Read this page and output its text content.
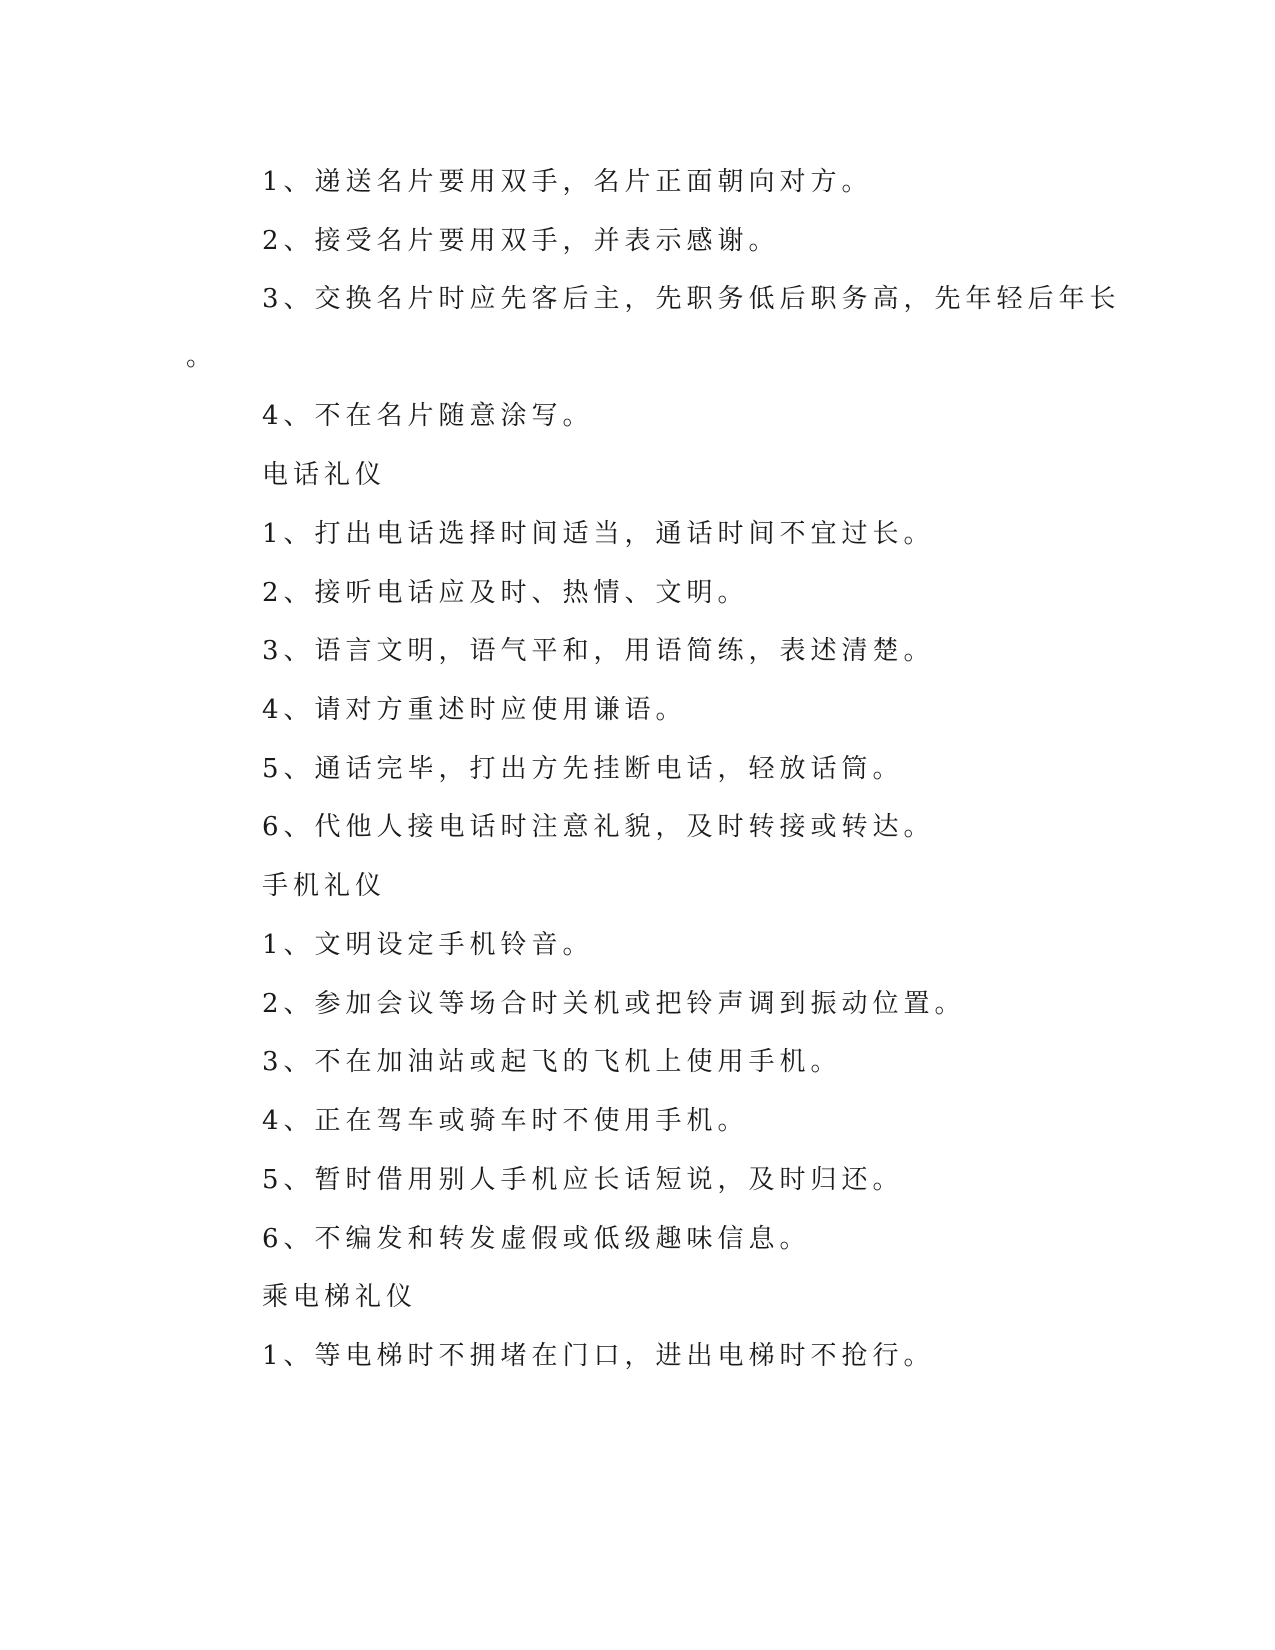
1、递送名片要用双手，名片正面朝向对方。
2、接受名片要用双手，并表示感谢。
3、交换名片时应先客后主，先职务低后职务高，先年轻后年长
。
4、不在名片随意涂写。
电话礼仪
1、打出电话选择时间适当，通话时间不宜过长。
2、接听电话应及时、热情、文明。
3、语言文明，语气平和，用语简练，表述清楚。
4、请对方重述时应使用谦语。
5、通话完毕，打出方先挂断电话，轻放话筒。
6、代他人接电话时注意礼貌，及时转接或转达。
手机礼仪
1、文明设定手机铃音。
2、参加会议等场合时关机或把铃声调到振动位置。
3、不在加油站或起飞的飞机上使用手机。
4、正在驾车或骑车时不使用手机。
5、暂时借用别人手机应长话短说，及时归还。
6、不编发和转发虚假或低级趣味信息。
乘电梯礼仪
1、等电梯时不拥堵在门口，进出电梯时不抢行。
